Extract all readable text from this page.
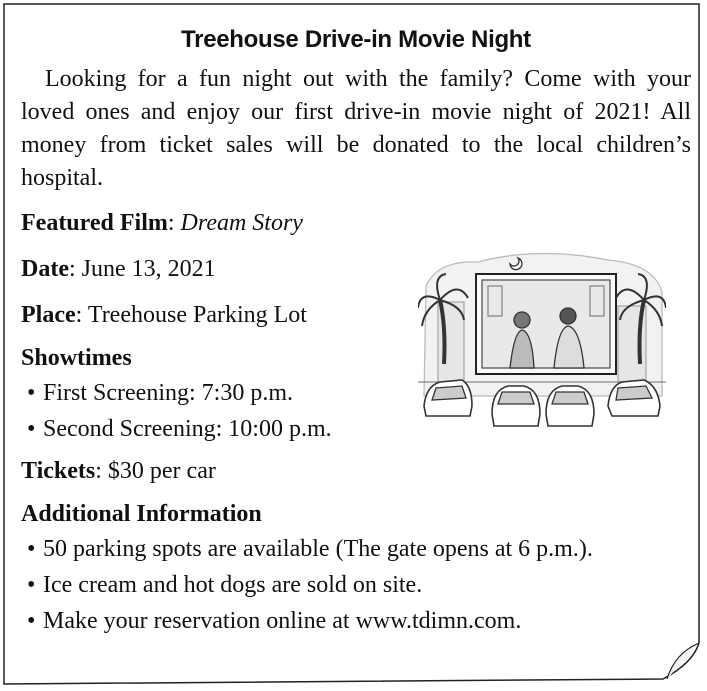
Treehouse Drive-in Movie Night

Looking for a fun night out with the family? Come with your loved ones and enjoy our first drive-in movie night of 2021! All money from ticket sales will be donated to the local children’s hospital.

Featured Film: Dream Story
Date: June 13, 2021
Place: Treehouse Parking Lot
Showtimes
• First Screening: 7:30 p.m.
• Second Screening: 10:00 p.m.
Tickets: $30 per car
Additional Information
• 50 parking spots are available (The gate opens at 6 p.m.).
• Ice cream and hot dogs are sold on site.
• Make your reservation online at www.tdimn.com.
